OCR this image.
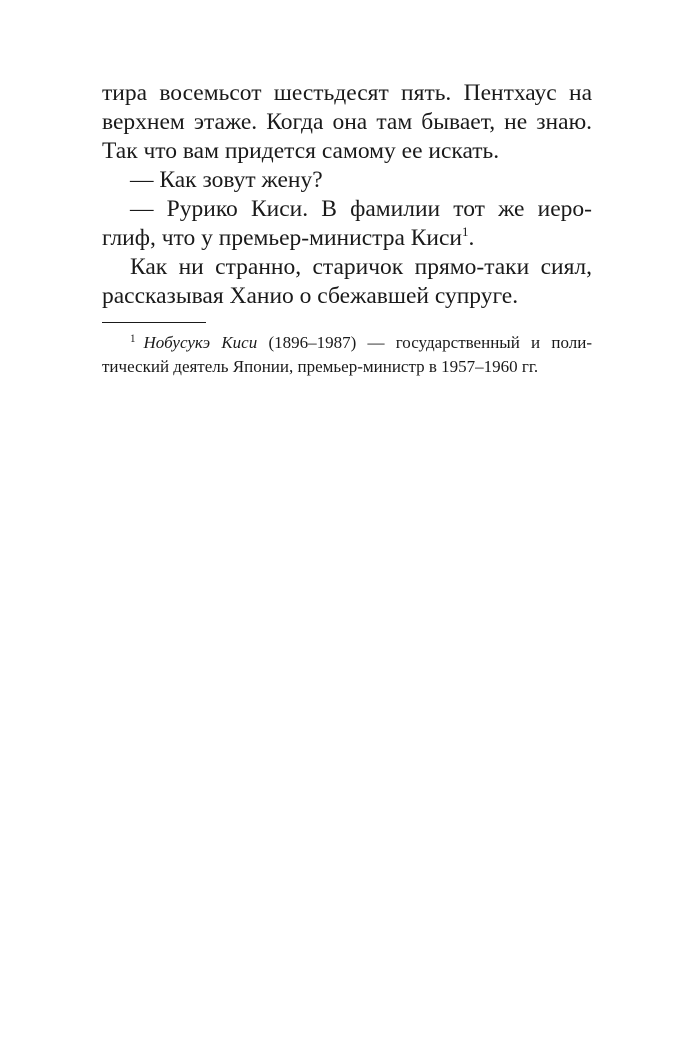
тира восемьсот шестьдесят пять. Пентхаус на
верхнем этаже. Когда она там бывает, не знаю.
Так что вам придется самому ее искать.
— Как зовут жену?
— Рурико Киси. В фамилии тот же иеро-
глиф, что у премьер-министра Киси$^1$.
Как ни странно, старичок прямо-таки сиял,
рассказывая Ханио о сбежавшей супруге.
$^1$ Нобусукэ Киси (1896–1987) — государственный и поли-
тический деятель Японии, премьер-министр в 1957–1960 гг.
